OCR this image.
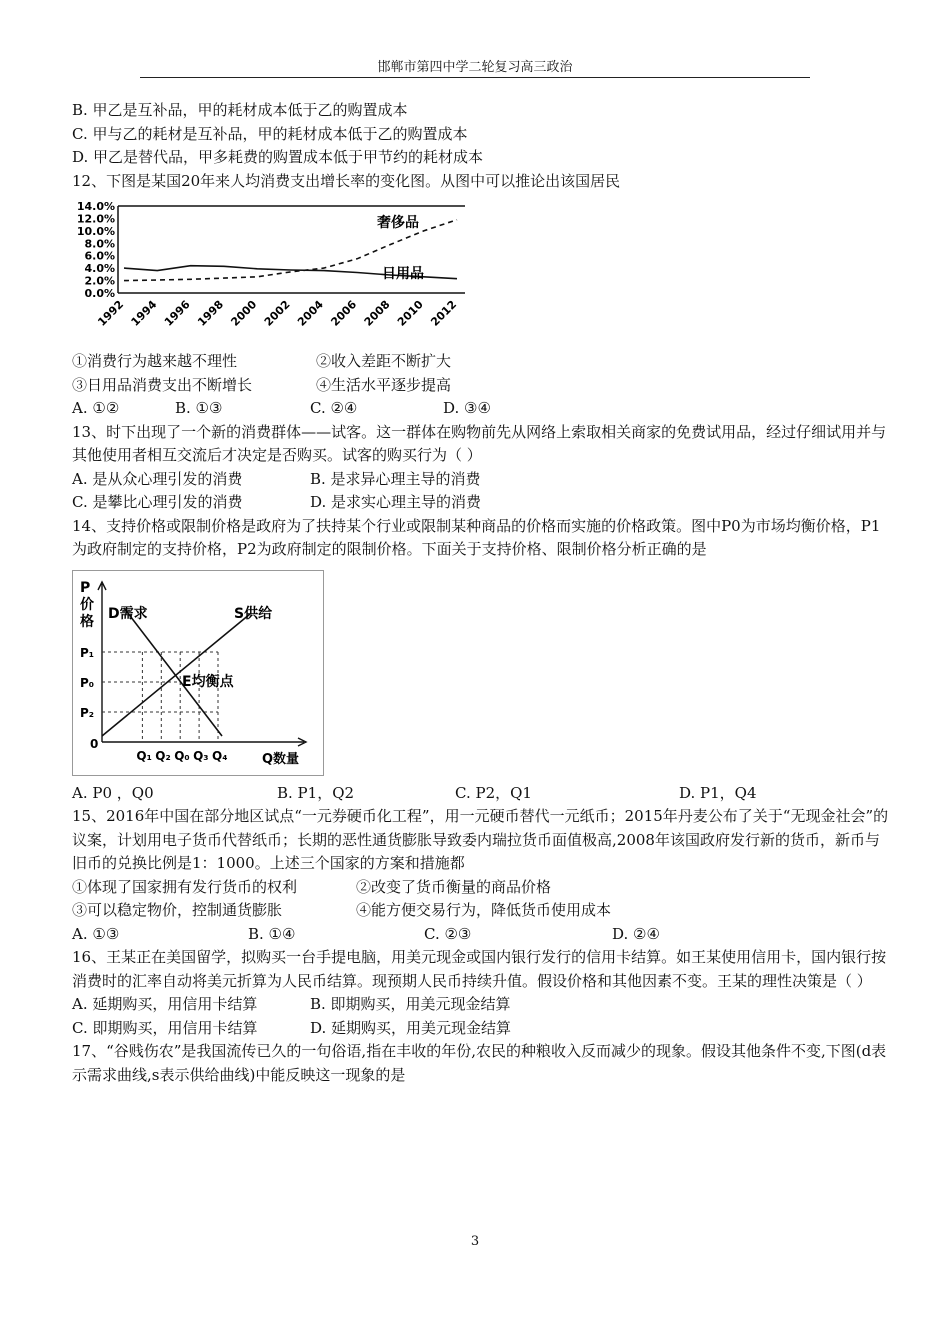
邯郸市第四中学二轮复习高三政治
B. 甲乙是互补品，甲的耗材成本低于乙的购置成本
C. 甲与乙的耗材是互补品，甲的耗材成本低于乙的购置成本
D. 甲乙是替代品，甲多耗费的购置成本低于甲节约的耗材成本
12、下图是某国20年来人均消费支出增长率的变化图。从图中可以推论出该国居民
0.0%
2.0%
4.0%
6.0%
8.0%
10.0%
12.0%
14.0%
1992 1994 1996 1998 2000 2002 2004 2006 2008 2010 2012
奢侈品
日用品
①消费行为越来越不理性	②收入差距不断扩大
③日用品消费支出不断增长	④生活水平逐步提高
A. ①②	B. ①③	C. ②④	D. ③④
13、时下出现了一个新的消费群体——试客。这一群体在购物前先从网络上索取相关商家的免费试用品，经过仔细试用并与其他使用者相互交流后才决定是否购买。试客的购买行为（ ）
A. 是从众心理引发的消费	B. 是求异心理主导的消费
C. 是攀比心理引发的消费	D. 是求实心理主导的消费
14、支持价格或限制价格是政府为了扶持某个行业或限制某种商品的价格而实施的价格政策。图中P0为市场均衡价格，P1为政府制定的支持价格，P2为政府制定的限制价格。下面关于支持价格、限制价格分析正确的是
P
价
格
0
Q数量
P₁
P₀
P₂
Q₁ Q₂ Q₀ Q₃ Q₄
D需求	S供给
E均衡点
A. P0 ，Q0	B. P1，Q2	C. P2，Q1	D. P1，Q4
15、2016年中国在部分地区试点“一元券硬币化工程”，用一元硬币替代一元纸币；2015年丹麦公布了关于“无现金社会”的议案，计划用电子货币代替纸币；长期的恶性通货膨胀导致委内瑞拉货币面值极高,2008年该国政府发行新的货币，新币与旧币的兑换比例是1：1000。上述三个国家的方案和措施都
①体现了国家拥有发行货币的权利	②改变了货币衡量的商品价格
③可以稳定物价，控制通货膨胀	④能方便交易行为，降低货币使用成本
A. ①③	B. ①④	C. ②③	D. ②④
16、王某正在美国留学，拟购买一台手提电脑，用美元现金或国内银行发行的信用卡结算。如王某使用信用卡，国内银行按消费时的汇率自动将美元折算为人民币结算。现预期人民币持续升值。假设价格和其他因素不变。王某的理性决策是（ ）
A. 延期购买，用信用卡结算	B. 即期购买，用美元现金结算
C. 即期购买，用信用卡结算	D. 延期购买，用美元现金结算
17、“谷贱伤农”是我国流传已久的一句俗语,指在丰收的年份,农民的种粮收入反而减少的现象。假设其他条件不变,下图(d表示需求曲线,s表示供给曲线)中能反映这一现象的是
3
